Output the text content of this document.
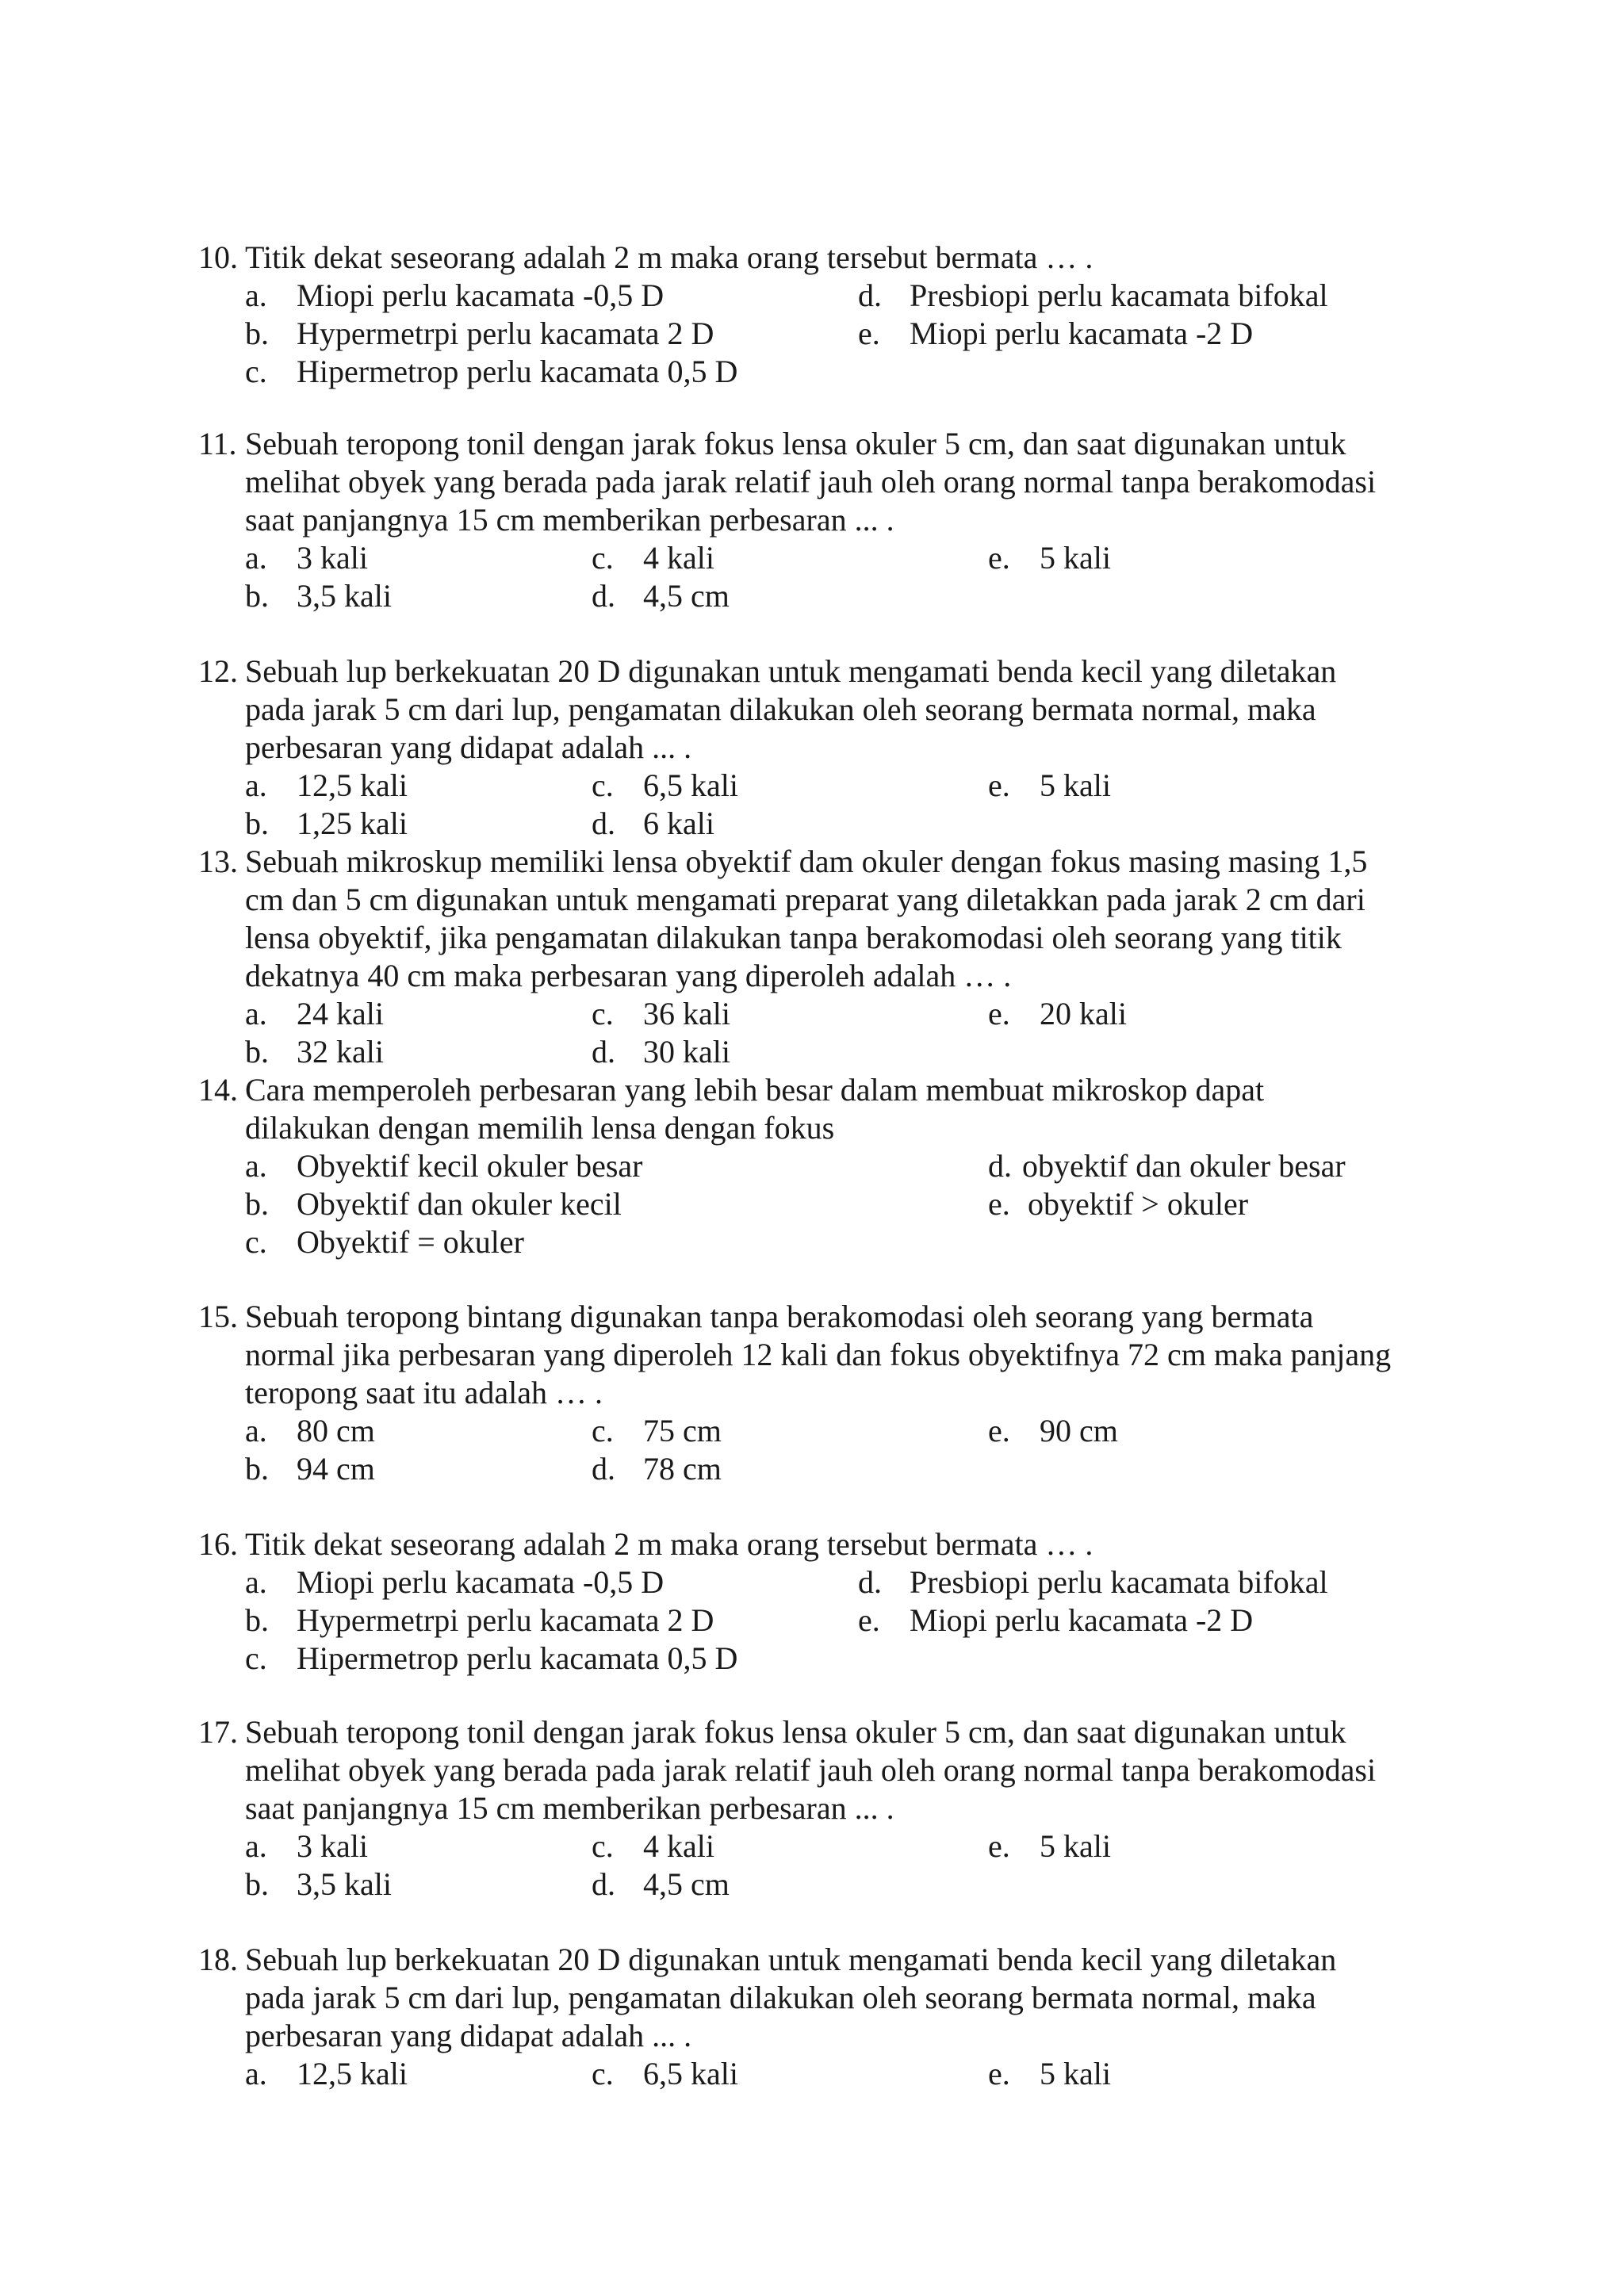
10. Titik dekat seseorang adalah 2 m maka orang tersebut bermata … .
a. Miopi perlu kacamata -0,5 D
b. Hypermetrpi perlu kacamata 2 D
c. Hipermetrop perlu kacamata 0,5 D
d. Presbiopi perlu kacamata bifokal
e. Miopi perlu kacamata -2 D
11. Sebuah teropong tonil dengan jarak fokus lensa okuler 5 cm, dan saat digunakan untuk
melihat obyek yang berada pada jarak relatif jauh oleh orang normal tanpa berakomodasi
saat panjangnya 15 cm memberikan perbesaran ... .
a. 3 kali
b. 3,5 kali
c. 4 kali
d. 4,5 cm
e. 5 kali
12. Sebuah lup berkekuatan 20 D digunakan untuk mengamati benda kecil yang diletakan
pada jarak 5 cm dari lup, pengamatan dilakukan oleh seorang bermata normal, maka
perbesaran yang didapat adalah ... .
a. 12,5 kali
b. 1,25 kali
c. 6,5 kali
d. 6 kali
e. 5 kali
13. Sebuah mikroskup memiliki lensa obyektif dam okuler dengan fokus masing masing 1,5
cm dan 5 cm digunakan untuk mengamati preparat yang diletakkan pada jarak 2 cm dari
lensa obyektif, jika pengamatan dilakukan tanpa berakomodasi oleh seorang yang titik
dekatnya 40 cm maka perbesaran yang diperoleh adalah … .
a. 24 kali
b. 32 kali
c. 36 kali
d. 30 kali
e. 20 kali
14. Cara memperoleh perbesaran yang lebih besar dalam membuat mikroskop dapat
dilakukan dengan memilih lensa dengan fokus
a. Obyektif kecil okuler besar
b. Obyektif dan okuler kecil
c. Obyektif = okuler
d. obyektif dan okuler besar
e. obyektif > okuler
15. Sebuah teropong bintang digunakan tanpa berakomodasi oleh seorang yang bermata
normal jika perbesaran yang diperoleh 12 kali dan fokus obyektifnya 72 cm maka panjang
teropong saat itu adalah … .
a. 80 cm
b. 94 cm
c. 75 cm
d. 78 cm
e. 90 cm
16. Titik dekat seseorang adalah 2 m maka orang tersebut bermata … .
a. Miopi perlu kacamata -0,5 D
b. Hypermetrpi perlu kacamata 2 D
c. Hipermetrop perlu kacamata 0,5 D
d. Presbiopi perlu kacamata bifokal
e. Miopi perlu kacamata -2 D
17. Sebuah teropong tonil dengan jarak fokus lensa okuler 5 cm, dan saat digunakan untuk
melihat obyek yang berada pada jarak relatif jauh oleh orang normal tanpa berakomodasi
saat panjangnya 15 cm memberikan perbesaran ... .
a. 3 kali
b. 3,5 kali
c. 4 kali
d. 4,5 cm
e. 5 kali
18. Sebuah lup berkekuatan 20 D digunakan untuk mengamati benda kecil yang diletakan
pada jarak 5 cm dari lup, pengamatan dilakukan oleh seorang bermata normal, maka
perbesaran yang didapat adalah ... .
a. 12,5 kali	c. 6,5 kali	e. 5 kali
